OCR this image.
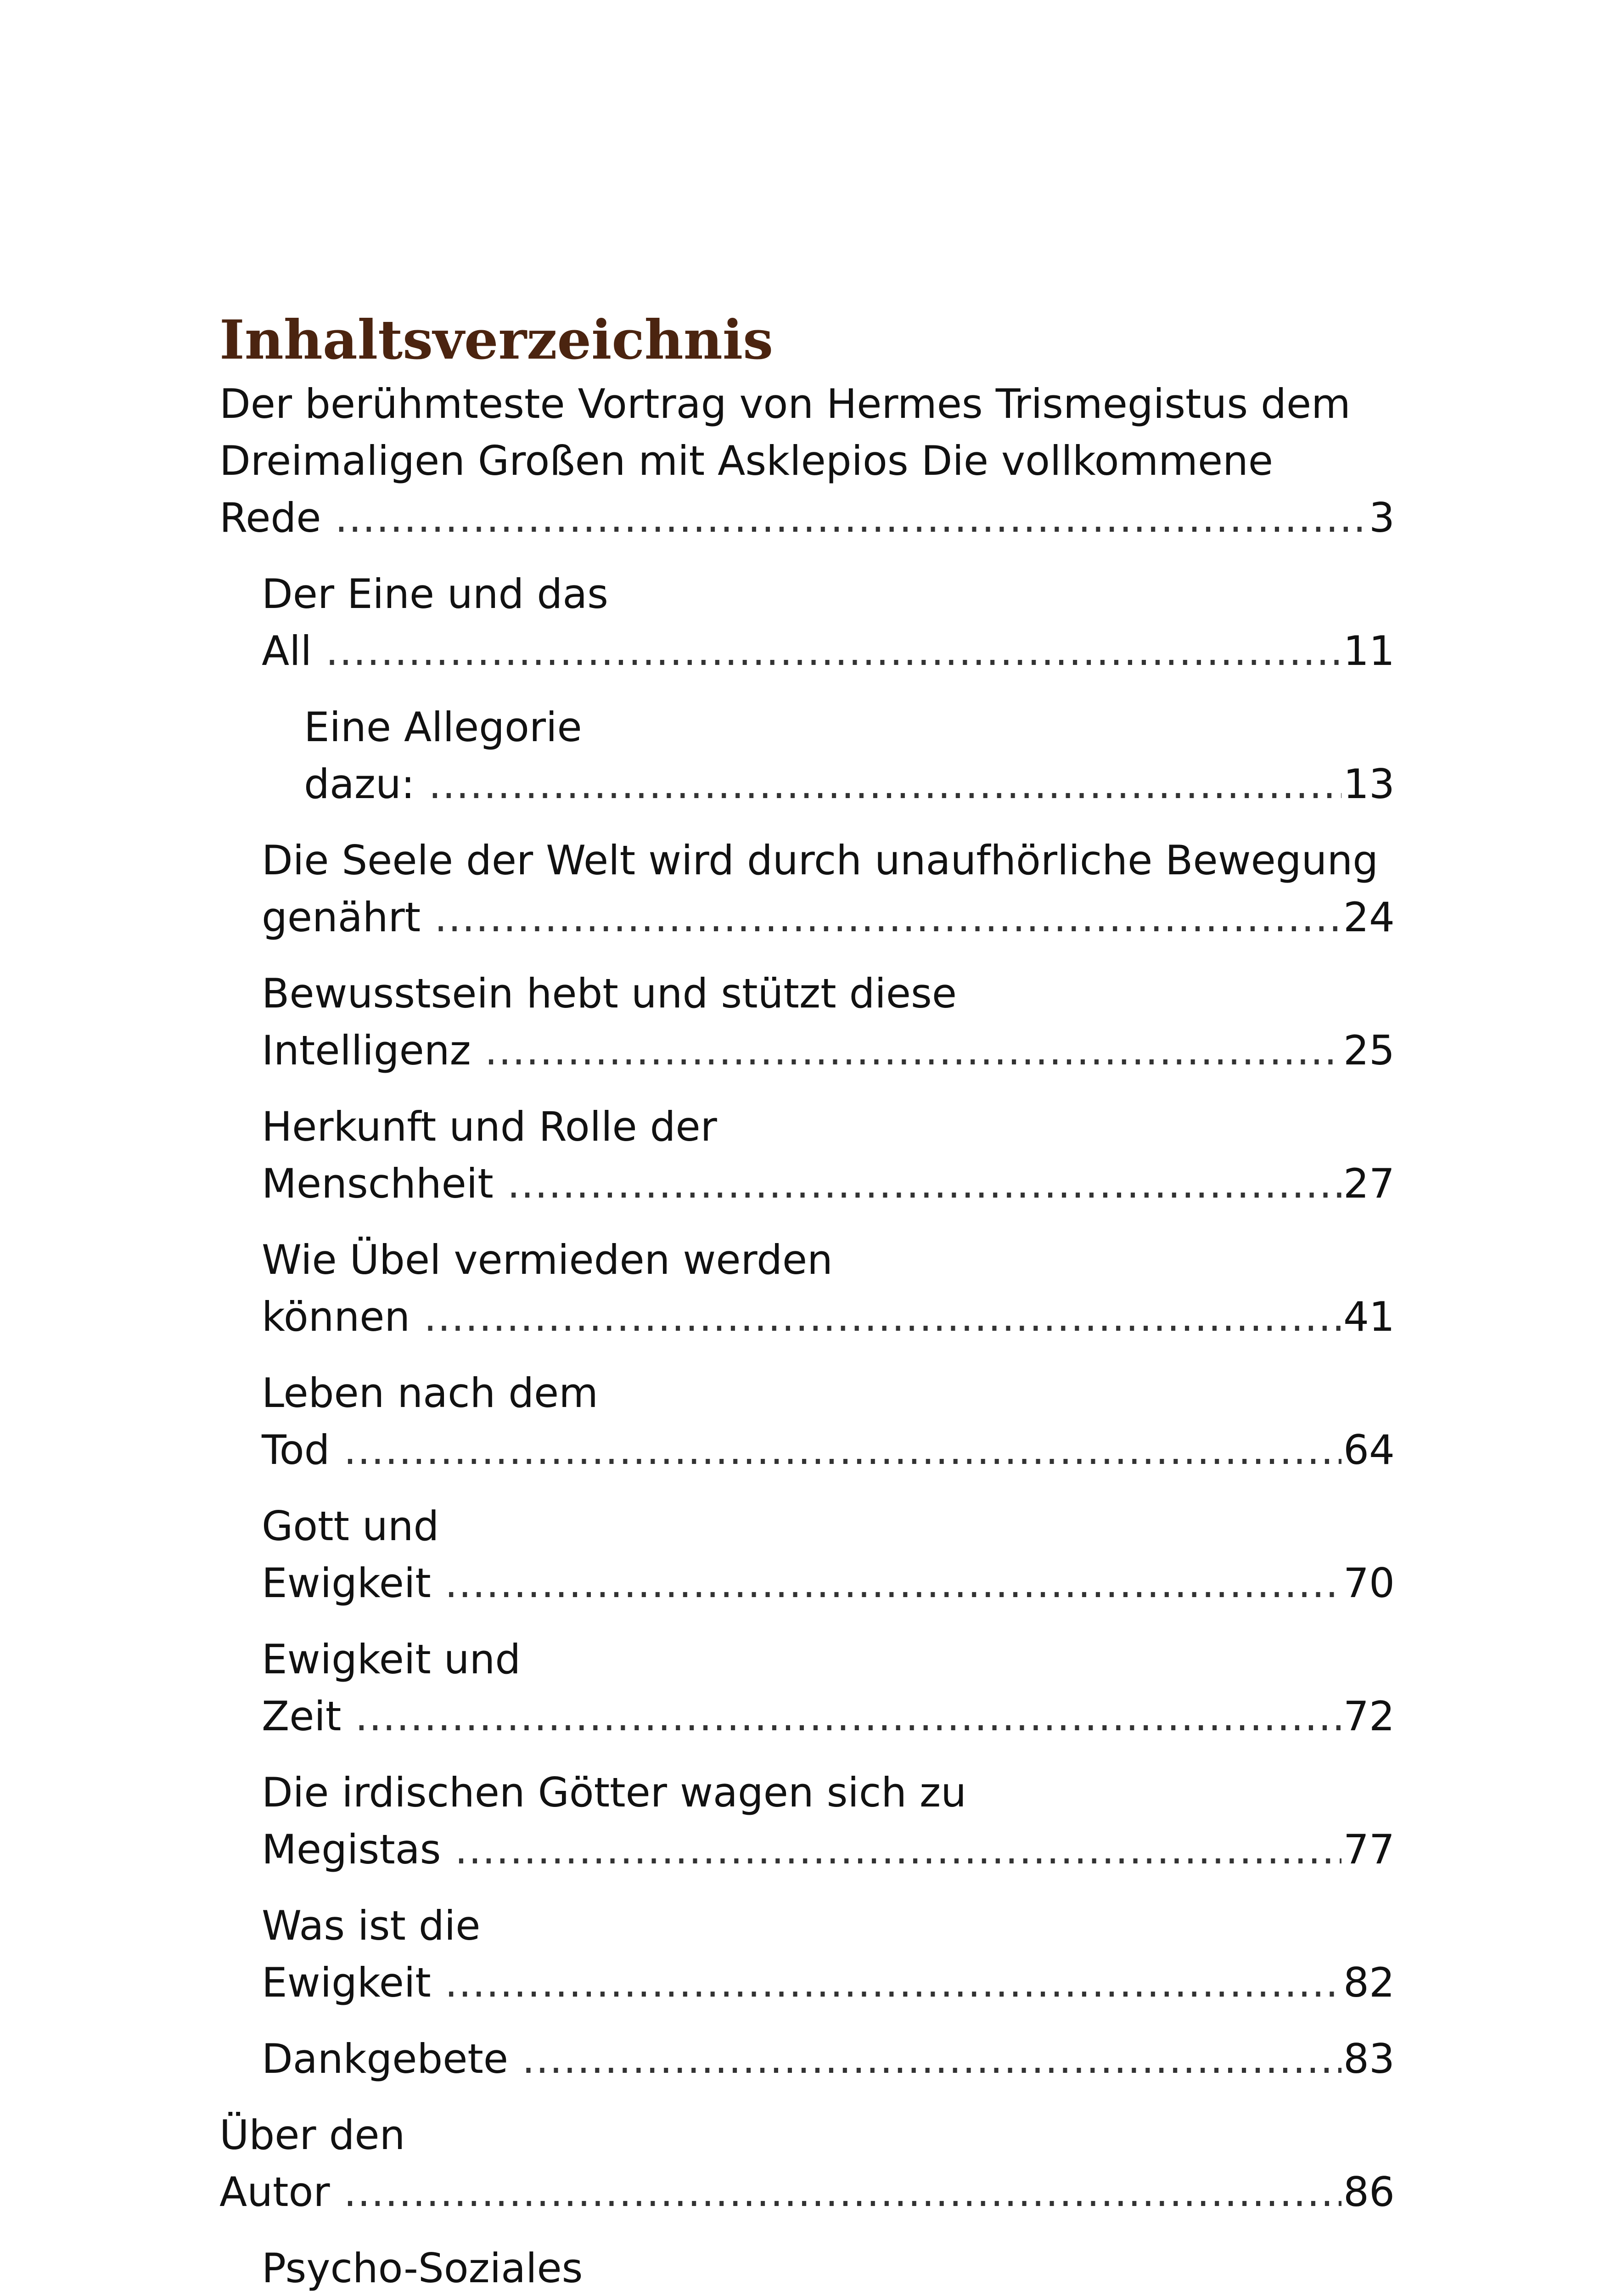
Inhaltsverzeichnis
Der berühmteste Vortrag von Hermes Trismegistus dem Dreimaligen Großen mit Asklepios Die vollkommene Rede .....	3
Der Eine und das All .....	11
Eine Allegorie dazu: .....	13
Die Seele der Welt wird durch unaufhörliche Bewegung genährt .....	24
Bewusstsein hebt und stützt diese Intelligenz .....	25
Herkunft und Rolle der Menschheit .....	27
Wie Übel vermieden werden können .....	41
Leben nach dem Tod .....	64
Gott und Ewigkeit .....	70
Ewigkeit und Zeit .....	72
Die irdischen Götter wagen sich zu Megistas .....	77
Was ist die Ewigkeit .....	82
Dankgebete .....	83
Über den Autor .....	86
Psycho-Soziales .....
